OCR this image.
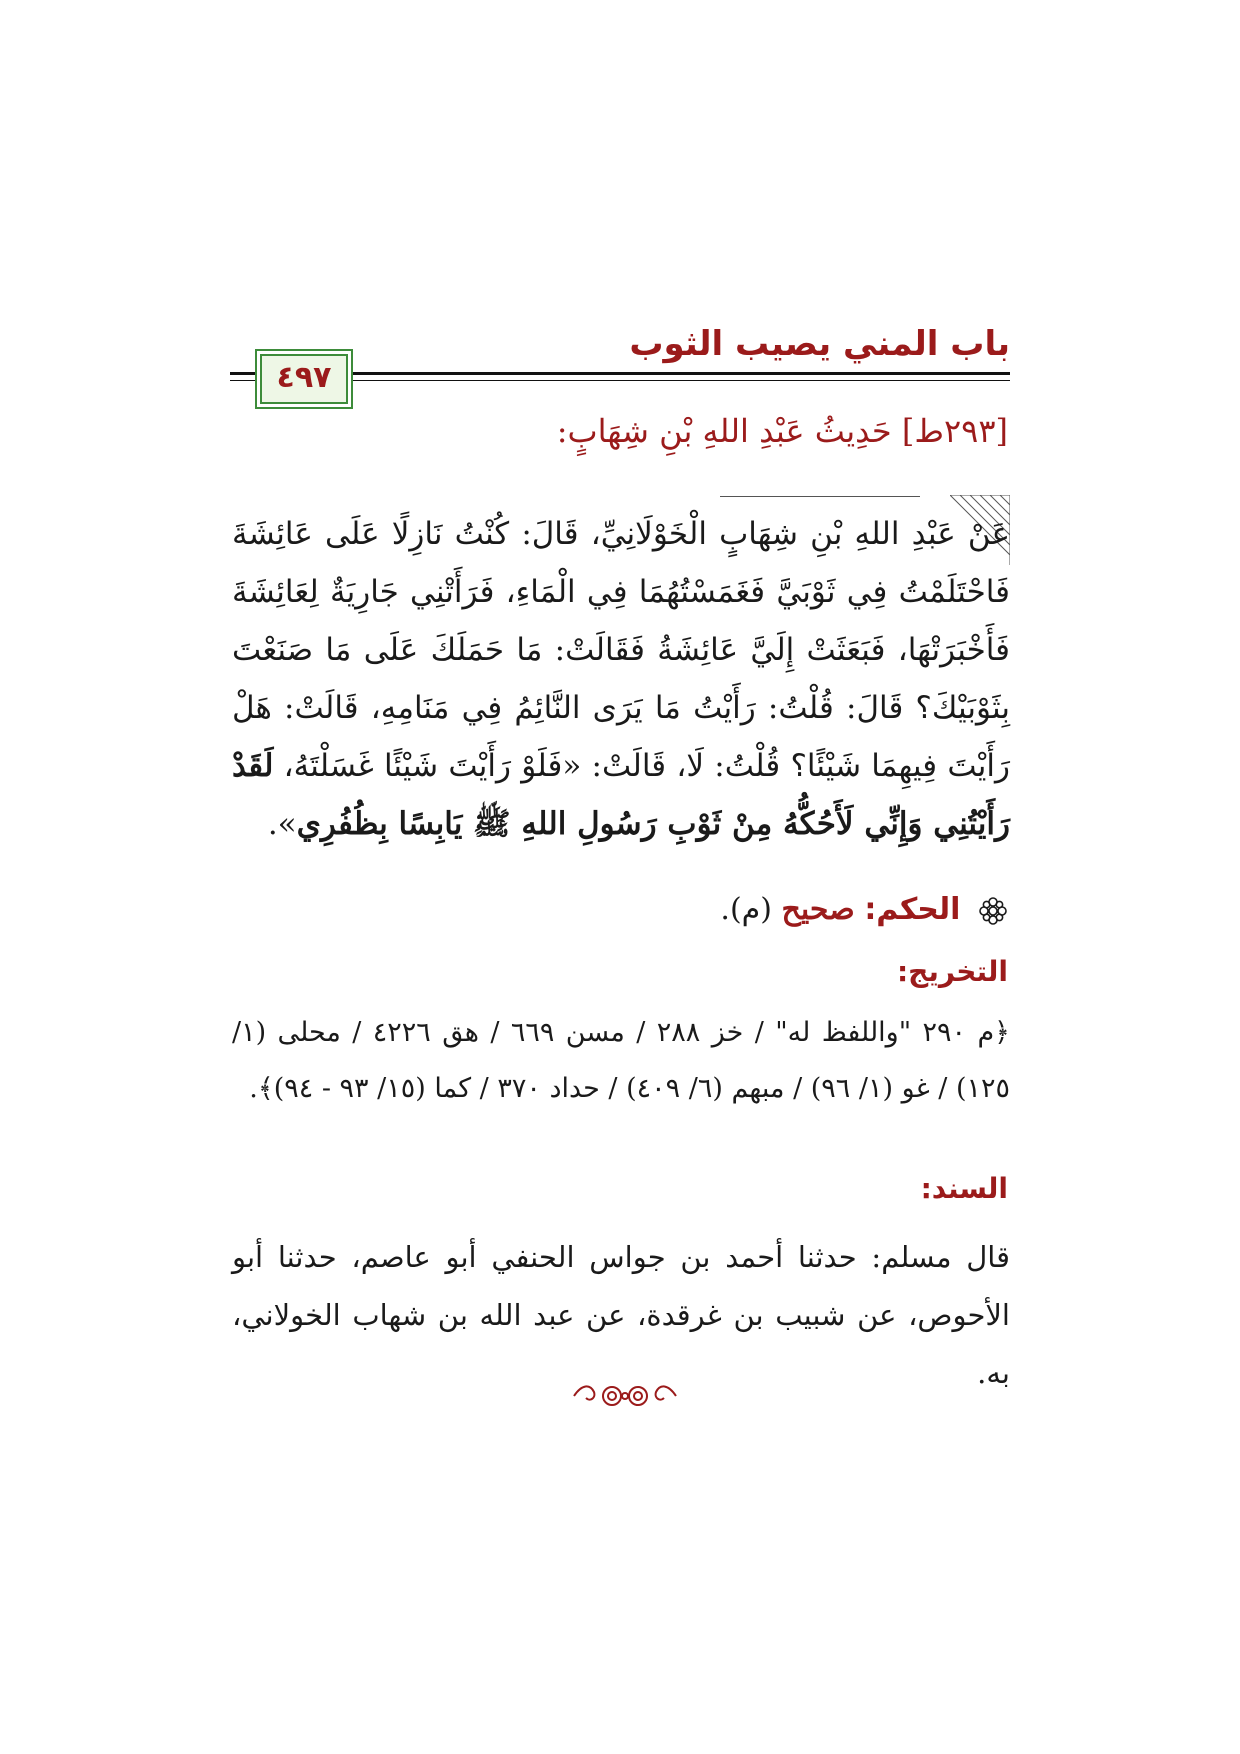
باب المني يصيب الثوب
٤٩٧
[٢٩٣ط] حَدِيثُ عَبْدِ اللهِ بْنِ شِهَابٍ:
عَنْ عَبْدِ اللهِ بْنِ شِهَابٍ الْخَوْلَانِيِّ، قَالَ: كُنْتُ نَازِلًا عَلَى عَائِشَةَ فَاحْتَلَمْتُ فِي ثَوْبَيَّ فَغَمَسْتُهُمَا فِي الْمَاءِ، فَرَأَتْنِي جَارِيَةٌ لِعَائِشَةَ فَأَخْبَرَتْهَا، فَبَعَثَتْ إِلَيَّ عَائِشَةُ فَقَالَتْ: مَا حَمَلَكَ عَلَى مَا صَنَعْتَ بِثَوْبَيْكَ؟ قَالَ: قُلْتُ: رَأَيْتُ مَا يَرَى النَّائِمُ فِي مَنَامِهِ، قَالَتْ: هَلْ رَأَيْتَ فِيهِمَا شَيْئًا؟ قُلْتُ: لَا، قَالَتْ: «فَلَوْ رَأَيْتَ شَيْئًا غَسَلْتَهُ، لَقَدْ رَأَيْتُنِي وَإِنِّي لَأَحُكُّهُ مِنْ ثَوْبِ رَسُولِ اللهِ ﷺ يَابِسًا بِظُفُرِي».
الحكم: صحيح (م).
التخريج:
﴿م ٢٩٠ "واللفظ له" / خز ٢٨٨ / مسن ٦٦٩ / هق ٤٢٢٦ / محلى (١/ ١٢٥) / غو (١/ ٩٦) / مبهم (٦/ ٤٠٩) / حداد ٣٧٠ / كما (١٥/ ٩٣ - ٩٤)﴾.
السند:
قال مسلم: حدثنا أحمد بن جواس الحنفي أبو عاصم، حدثنا أبو الأحوص، عن شبيب بن غرقدة، عن عبد الله بن شهاب الخولاني، به.
